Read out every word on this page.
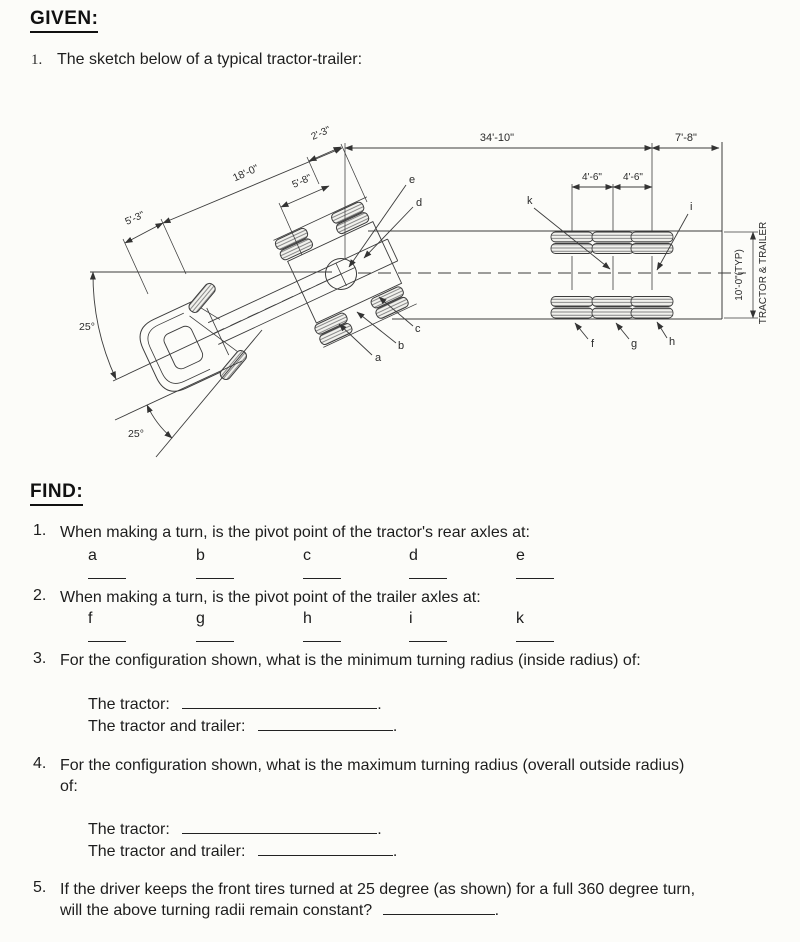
GIVEN:
1. The sketch below of a typical tractor-trailer:
25°
25°
34'-10"	7'-8"
4'-6" 4'-6"
10'-0"(TYP) TRACTOR & TRAILER
5'-3"
18'-0"	5'-8"
2'-3"
e
d
c
b
a
k	i
f	g	h
FIND:
1. When making a turn, is the pivot point of the tractor's rear axles at:
a	b	c	d	e
2. When making a turn, is the pivot point of the trailer axles at:
f	g	h	i	k
3. For the configuration shown, what is the minimum turning radius (inside radius) of:
The tractor:	.
The tractor and trailer:	.
4. For the configuration shown, what is the maximum turning radius (overall outside radius) of:
The tractor:	.
The tractor and trailer:	.
5. If the driver keeps the front tires turned at 25 degree (as shown) for a full 360 degree turn, will the above turning radii remain constant?	.
